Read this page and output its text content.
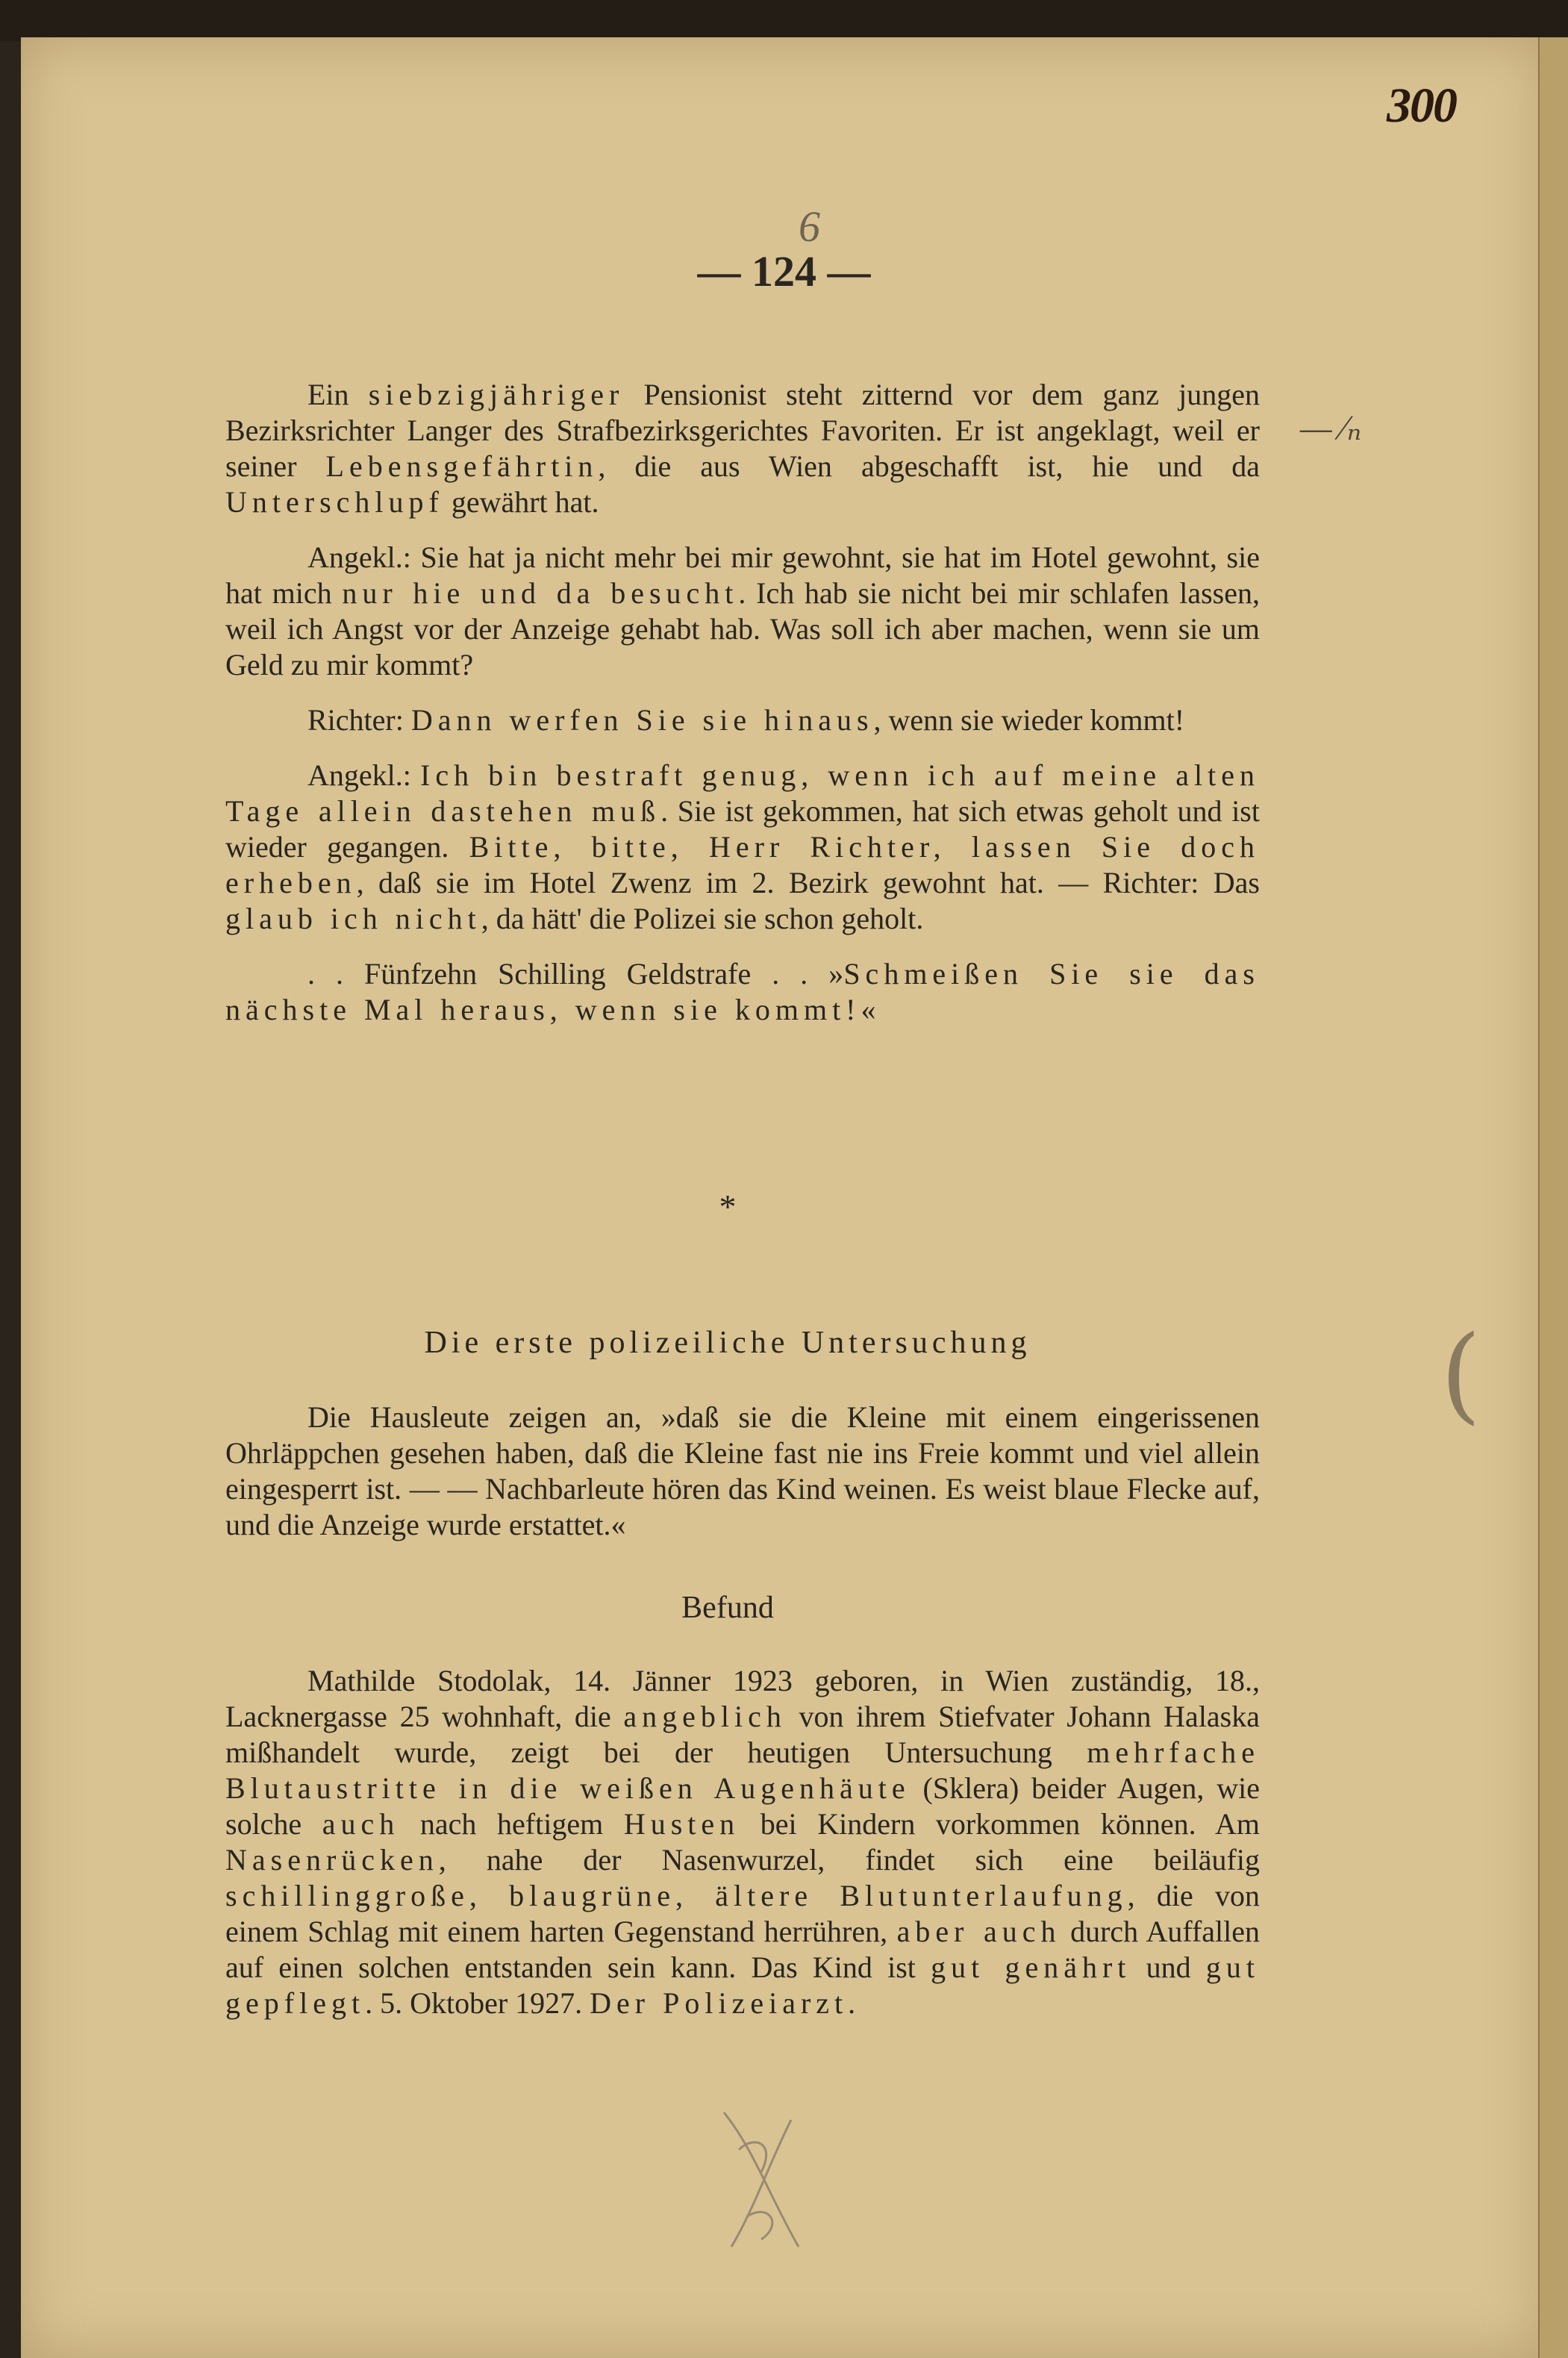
300
— 124 —
6
— ⁄ₙ

Ein siebzigjähriger Pensionist steht zitternd vor dem ganz jungen Bezirksrichter Langer des Strafbezirksgerichtes Favoriten. Er ist angeklagt, weil er seiner Lebensgefährtin, die aus Wien abgeschafft ist, hie und da Unterschlupf gewährt hat.

Angekl.: Sie hat ja nicht mehr bei mir gewohnt, sie hat im Hotel gewohnt, sie hat mich nur hie und da besucht. Ich hab sie nicht bei mir schlafen lassen, weil ich Angst vor der Anzeige gehabt hab. Was soll ich aber machen, wenn sie um Geld zu mir kommt?

Richter: Dann werfen Sie sie hinaus, wenn sie wieder kommt!

Angekl.: Ich bin bestraft genug, wenn ich auf meine alten Tage allein dastehen muß. Sie ist gekommen, hat sich etwas geholt und ist wieder gegangen. Bitte, bitte, Herr Richter, lassen Sie doch erheben, daß sie im Hotel Zwenz im 2. Bezirk gewohnt hat. — Richter: Das glaub ich nicht, da hätt' die Polizei sie schon geholt.

. . Fünfzehn Schilling Geldstrafe . . »Schmeißen Sie sie das nächste Mal heraus, wenn sie kommt!«

*
Die erste polizeiliche Untersuchung

Die Hausleute zeigen an, »daß sie die Kleine mit einem eingerissenen Ohrläppchen gesehen haben, daß die Kleine fast nie ins Freie kommt und viel allein eingesperrt ist. — — Nachbarleute hören das Kind weinen. Es weist blaue Flecke auf, und die Anzeige wurde erstattet.«

Befund

Mathilde Stodolak, 14. Jänner 1923 geboren, in Wien zuständig, 18., Lacknergasse 25 wohnhaft, die angeblich von ihrem Stiefvater Johann Halaska mißhandelt wurde, zeigt bei der heutigen Untersuchung mehrfache Blutaustritte in die weißen Augenhäute (Sklera) beider Augen, wie solche auch nach heftigem Husten bei Kindern vorkommen können. Am Nasenrücken, nahe der Nasenwurzel, findet sich eine beiläufig schillinggroße, blaugrüne, ältere Blutunterlaufung, die von einem Schlag mit einem harten Gegenstand herrühren, aber auch durch Auffallen auf einen solchen entstanden sein kann. Das Kind ist gut genährt und gut gepflegt. 5. Oktober 1927. Der Polizeiarzt.

(
